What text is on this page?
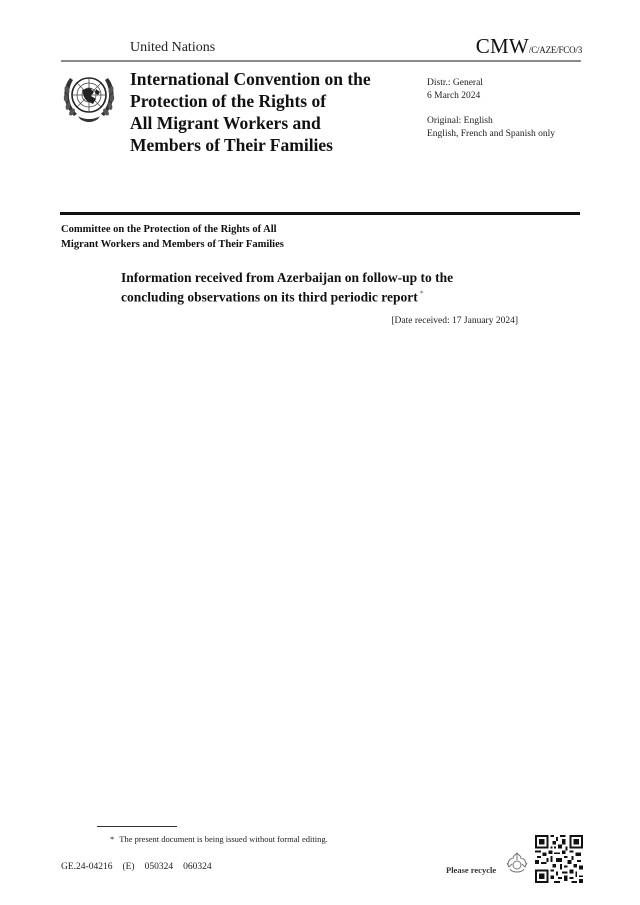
United Nations	CMW/C/AZE/FCO/3
International Convention on the
Protection of the Rights of
All Migrant Workers and
Members of Their Families
Distr.: General
6 March 2024
Original: English
English, French and Spanish only
Committee on the Protection of the Rights of All
Migrant Workers and Members of Their Families
Information received from Azerbaijan on follow-up to the
concluding observations on its third periodic report *
[Date received: 17 January 2024]
* The present document is being issued without formal editing.
GE.24-04216 (E) 050324 060324	Please recycle
